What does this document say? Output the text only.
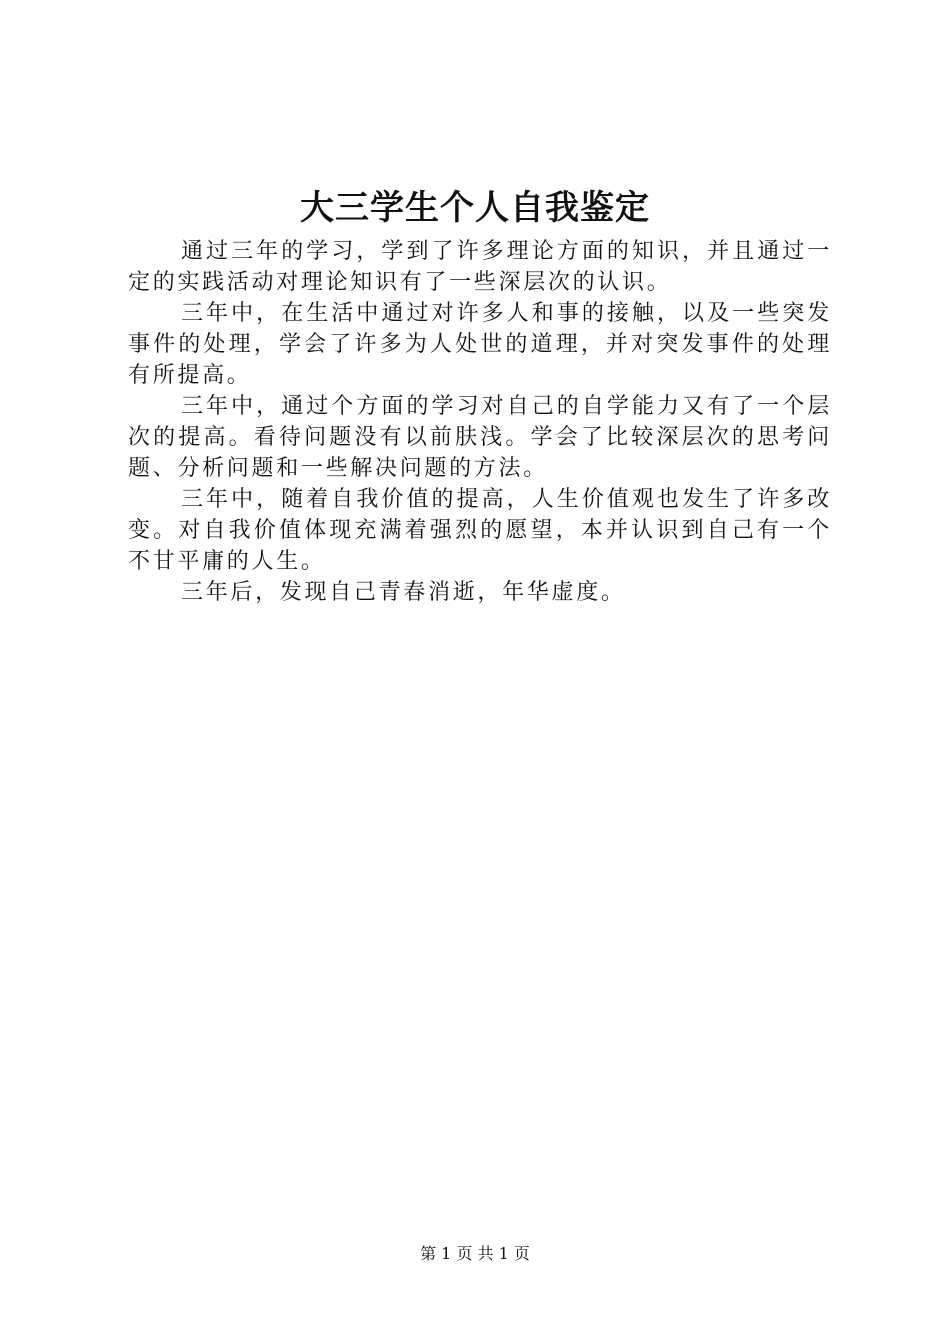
大三学生个人自我鉴定

通过三年的学习，学到了许多理论方面的知识，并且通过一定的实践活动对理论知识有了一些深层次的认识。

三年中，在生活中通过对许多人和事的接触，以及一些突发事件的处理，学会了许多为人处世的道理，并对突发事件的处理有所提高。

三年中，通过个方面的学习对自己的自学能力又有了一个层次的提高。看待问题没有以前肤浅。学会了比较深层次的思考问题、分析问题和一些解决问题的方法。

三年中，随着自我价值的提高，人生价值观也发生了许多改变。对自我价值体现充满着强烈的愿望，本并认识到自己有一个不甘平庸的人生。

三年后，发现自己青春消逝，年华虚度。

第 1 页 共 1 页
